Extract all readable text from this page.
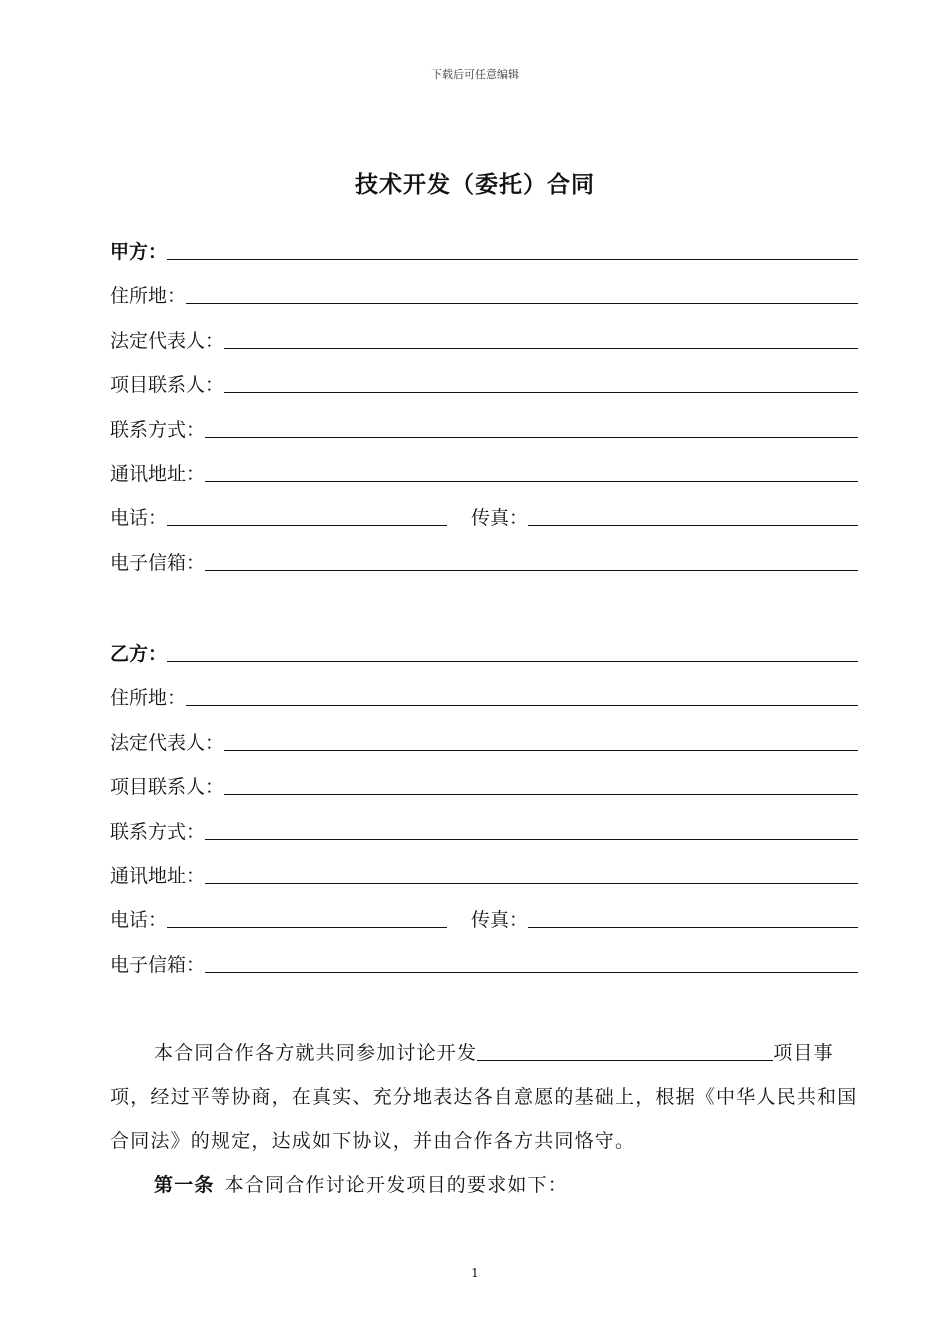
下载后可任意编辑
技术开发（委托）合同
甲方：
住所地：
法定代表人：
项目联系人：
联系方式：
通讯地址：
电话：	传真：
电子信箱：
乙方：
住所地：
法定代表人：
项目联系人：
联系方式：
通讯地址：
电话：	传真：
电子信箱：
本合同合作各方就共同参加讨论开发	项目事项，经过平等协商，在真实、充分地表达各自意愿的基础上，根据《中华人民共和国合同法》的规定，达成如下协议，并由合作各方共同恪守。
第一条 本合同合作讨论开发项目的要求如下：
1
